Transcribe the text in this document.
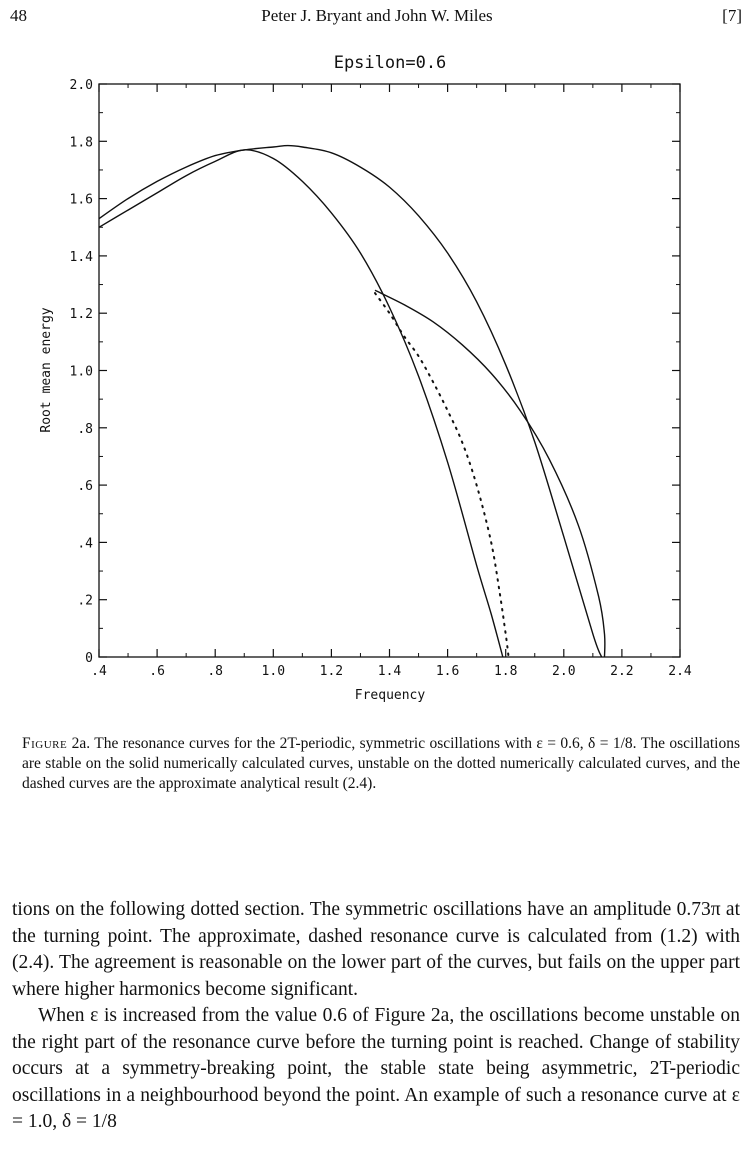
48	Peter J. Bryant and John W. Miles	[7]
Epsilon=0.6
.4	.6	.8	1.0	1.2	1.4	1.6	1.8	2.0	2.2	2.4
0
.2
.4
.6
.8
1.0
1.2
1.4
1.6
1.8
2.0
Frequency
Root mean energy
Figure 2a. The resonance curves for the 2T-periodic, symmetric oscillations with ε = 0.6, δ = 1/8. The oscillations are stable on the solid numerically calculated curves, unstable on the dotted numerically calculated curves, and the dashed curves are the approximate analytical result (2.4).

tions on the following dotted section. The symmetric oscillations have an amplitude 0.73π at the turning point. The approximate, dashed resonance curve is calculated from (1.2) with (2.4). The agreement is reasonable on the lower part of the curves, but fails on the upper part where higher harmonics become significant.

When ε is increased from the value 0.6 of Figure 2a, the oscillations become unstable on the right part of the resonance curve before the turning point is reached. Change of stability occurs at a symmetry-breaking point, the stable state being asymmetric, 2T-periodic oscillations in a neighbourhood beyond the point. An example of such a resonance curve at ε = 1.0, δ = 1/8
